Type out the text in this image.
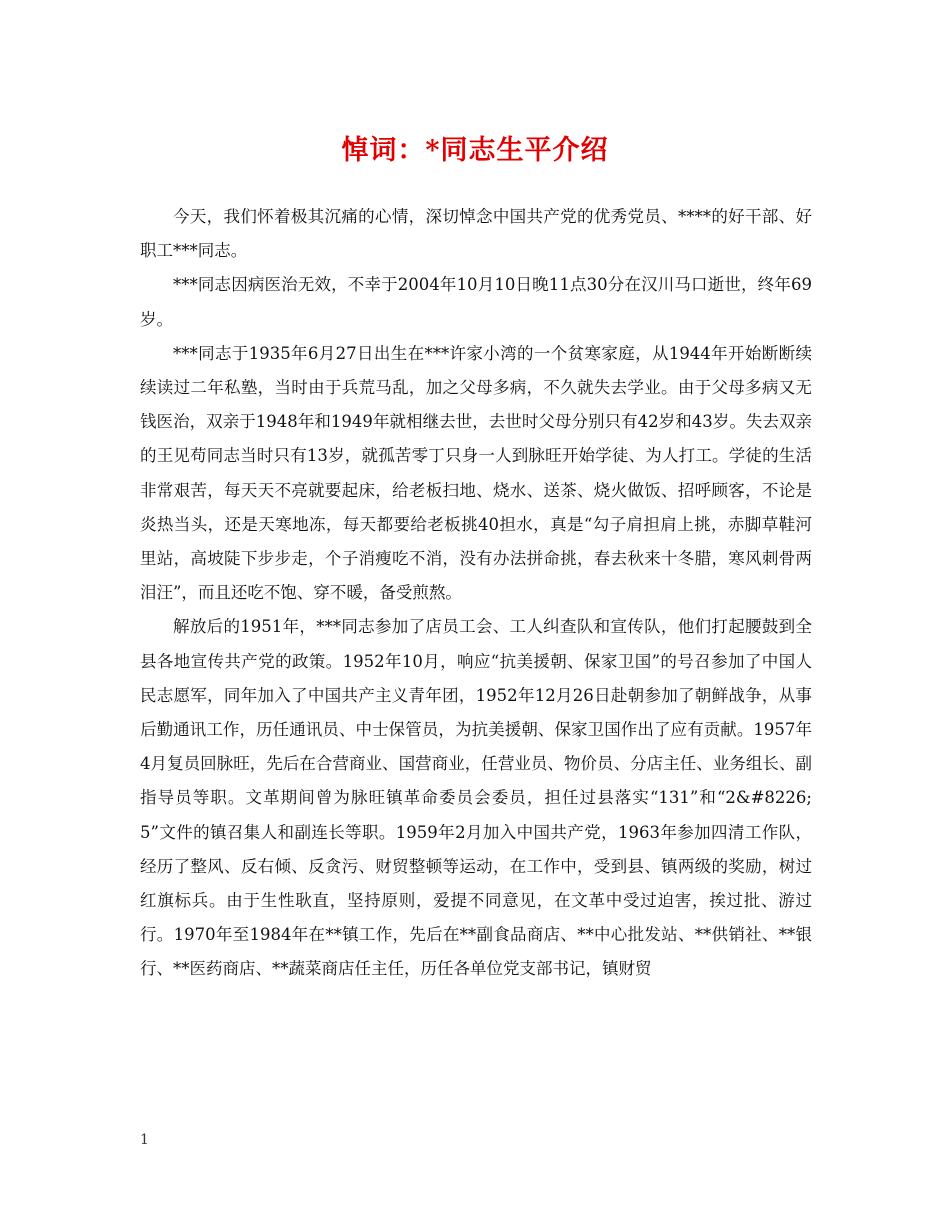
悼词：*同志生平介绍

今天，我们怀着极其沉痛的心情，深切悼念中国共产党的优秀党员、****的好干部、好职工***同志。

***同志因病医治无效，不幸于2004年10月10日晚11点30分在汉川马口逝世，终年69岁。

***同志于1935年6月27日出生在***许家小湾的一个贫寒家庭，从1944年开始断断续续读过二年私塾，当时由于兵荒马乱，加之父母多病，不久就失去学业。由于父母多病又无钱医治，双亲于1948年和1949年就相继去世，去世时父母分别只有42岁和43岁。失去双亲的王见苟同志当时只有13岁，就孤苦零丁只身一人到脉旺开始学徒、为人打工。学徒的生活非常艰苦，每天天不亮就要起床，给老板扫地、烧水、送茶、烧火做饭、招呼顾客，不论是炎热当头，还是天寒地冻，每天都要给老板挑40担水，真是“勾子肩担肩上挑，赤脚草鞋河里站，高坡陡下步步走，个子消瘦吃不消，没有办法拼命挑，春去秋来十冬腊，寒风刺骨两泪汪”，而且还吃不饱、穿不暖，备受煎熬。

解放后的1951年，***同志参加了店员工会、工人纠查队和宣传队，他们打起腰鼓到全县各地宣传共产党的政策。1952年10月，响应“抗美援朝、保家卫国”的号召参加了中国人民志愿军，同年加入了中国共产主义青年团，1952年12月26日赴朝参加了朝鲜战争，从事后勤通讯工作，历任通讯员、中士保管员，为抗美援朝、保家卫国作出了应有贡献。1957年4月复员回脉旺，先后在合营商业、国营商业，任营业员、物价员、分店主任、业务组长、副指导员等职。文革期间曾为脉旺镇革命委员会委员，担任过县落实“131”和“2&#8226;5”文件的镇召集人和副连长等职。1959年2月加入中国共产党，1963年参加四清工作队，经历了整风、反右倾、反贪污、财贸整顿等运动，在工作中，受到县、镇两级的奖励，树过红旗标兵。由于生性耿直，坚持原则，爱提不同意见，在文革中受过迫害，挨过批、游过行。1970年至1984年在**镇工作，先后在**副食品商店、**中心批发站、**供销社、**银行、**医药商店、**蔬菜商店任主任，历任各单位党支部书记，镇财贸

1
